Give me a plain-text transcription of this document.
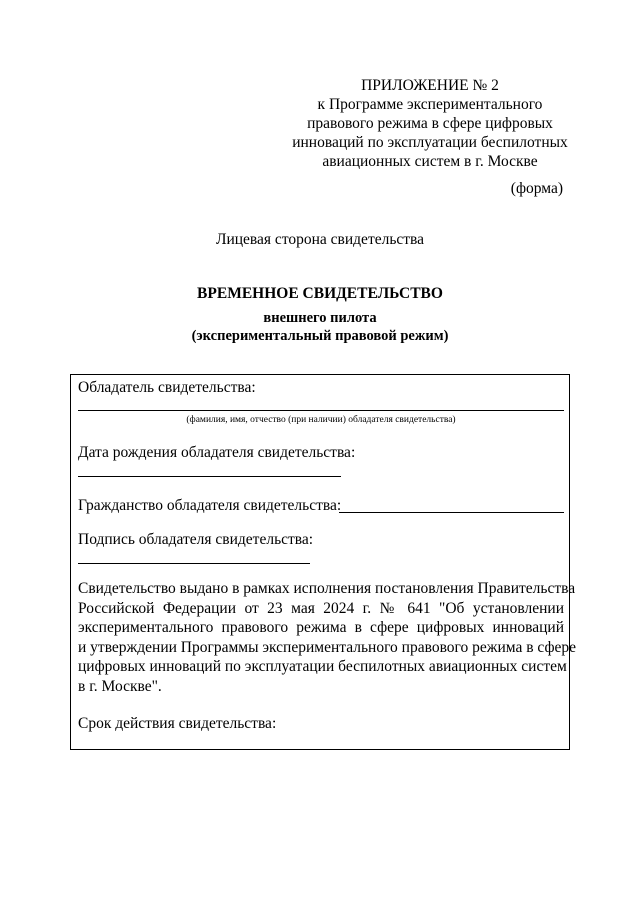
ПРИЛОЖЕНИЕ № 2
к Программе экспериментального
правового режима в сфере цифровых
инноваций по эксплуатации беспилотных
авиационных систем в г. Москве
(форма)
Лицевая сторона свидетельства
ВРЕМЕННОЕ СВИДЕТЕЛЬСТВО
внешнего пилота
(экспериментальный правовой режим)
Обладатель свидетельства:
(фамилия, имя, отчество (при наличии) обладателя свидетельства)
Дата рождения обладателя свидетельства:
Гражданство обладателя свидетельства:
Подпись обладателя свидетельства:
Свидетельство выдано в рамках исполнения постановления Правительства
Российской Федерации от 23 мая 2024 г. № 641 "Об установлении
экспериментального правового режима в сфере цифровых инноваций
и утверждении Программы экспериментального правового режима в сфере
цифровых инноваций по эксплуатации беспилотных авиационных систем
в г. Москве".
Срок действия свидетельства:
